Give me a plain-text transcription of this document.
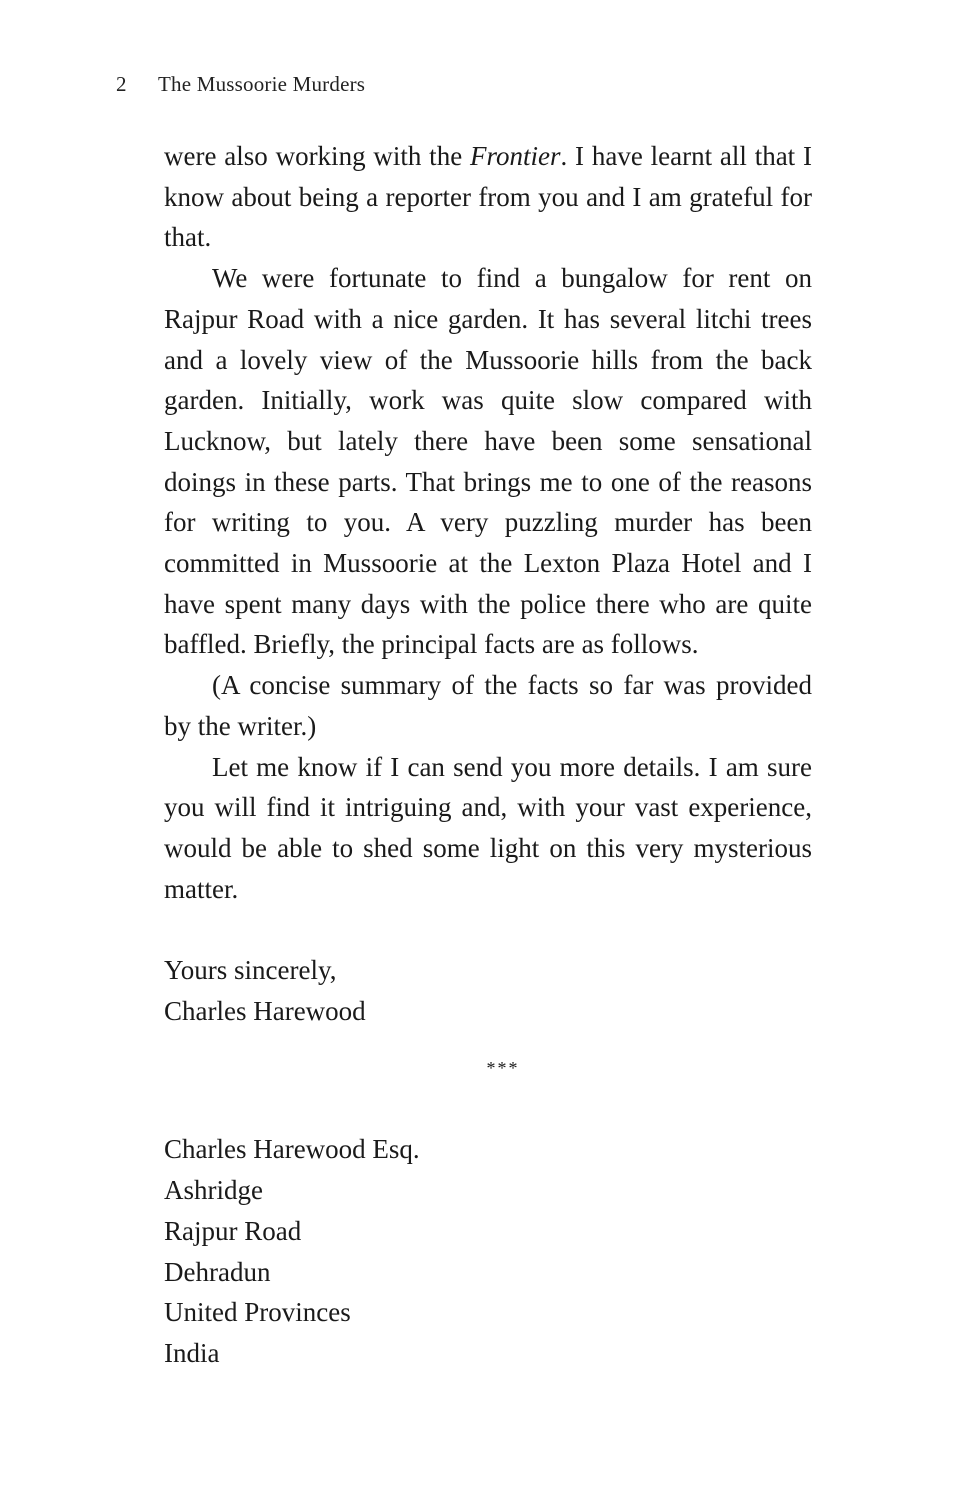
2 The Mussoorie Murders

were also working with the Frontier. I have learnt all that I know about being a reporter from you and I am grateful for that.

We were fortunate to find a bungalow for rent on Rajpur Road with a nice garden. It has several litchi trees and a lovely view of the Mussoorie hills from the back garden. Initially, work was quite slow compared with Lucknow, but lately there have been some sensational doings in these parts. That brings me to one of the reasons for writing to you. A very puzzling murder has been committed in Mussoorie at the Lexton Plaza Hotel and I have spent many days with the police there who are quite baffled. Briefly, the principal facts are as follows.

(A concise summary of the facts so far was provided by the writer.)

Let me know if I can send you more details. I am sure you will find it intriguing and, with your vast experience, would be able to shed some light on this very mysterious matter.

Yours sincerely,
Charles Harewood
***
Charles Harewood Esq.
Ashridge
Rajpur Road
Dehradun
United Provinces
India
